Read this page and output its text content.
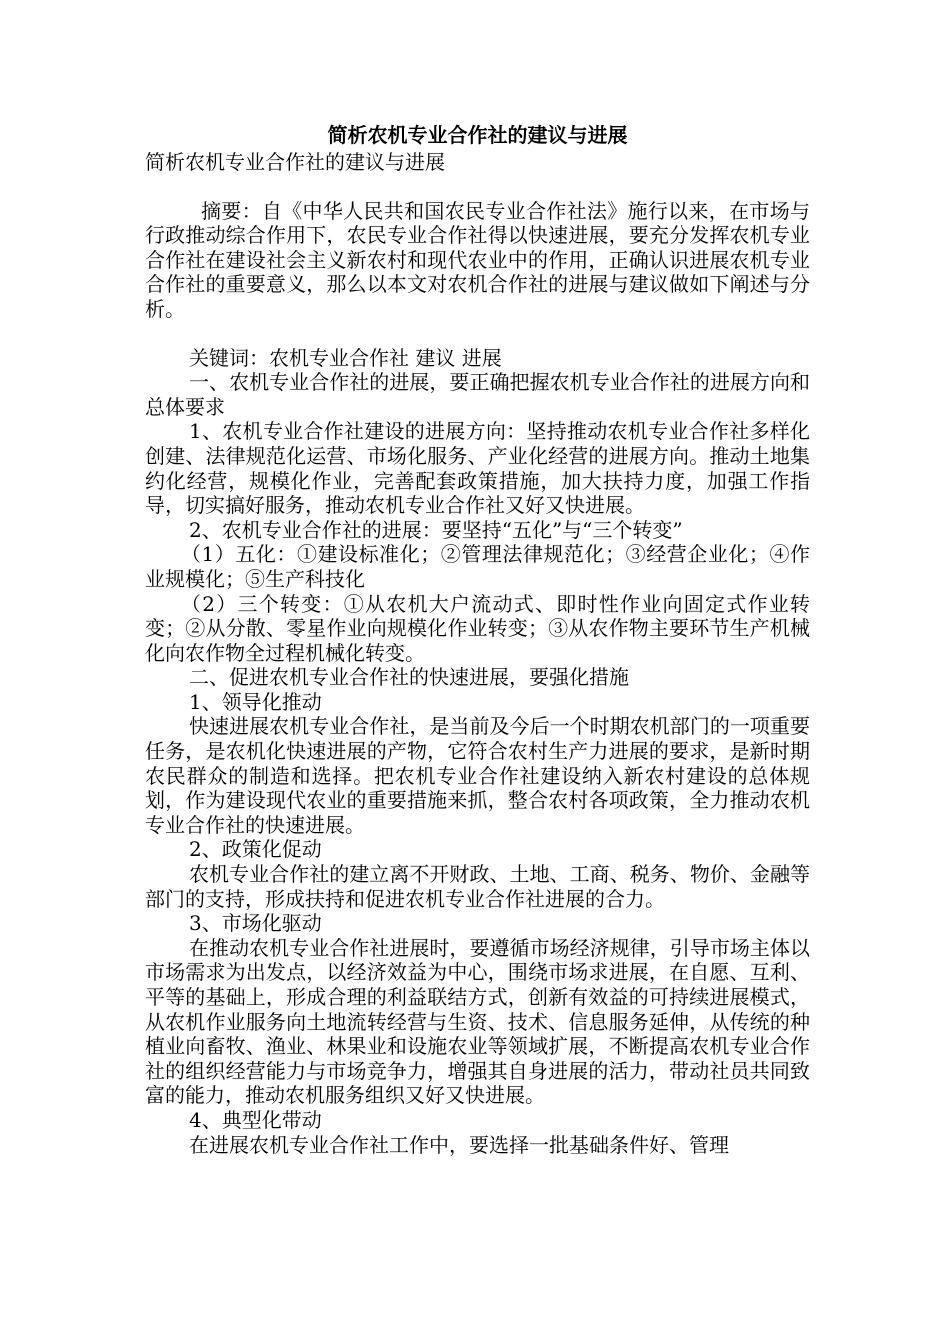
简析农机专业合作社的建议与进展
简析农机专业合作社的建议与进展
摘要：自《中华人民共和国农民专业合作社法》施行以来，在市场与行政推动综合作用下，农民专业合作社得以快速进展，要充分发挥农机专业合作社在建设社会主义新农村和现代农业中的作用，正确认识进展农机专业合作社的重要意义，那么以本文对农机合作社的进展与建议做如下阐述与分析。
关键词：农机专业合作社 建议 进展
一、农机专业合作社的进展，要正确把握农机专业合作社的进展方向和总体要求
1、农机专业合作社建设的进展方向：坚持推动农机专业合作社多样化创建、法律规范化运营、市场化服务、产业化经营的进展方向。推动土地集约化经营，规模化作业，完善配套政策措施，加大扶持力度，加强工作指导，切实搞好服务，推动农机专业合作社又好又快进展。
2、农机专业合作社的进展：要坚持“五化”与“三个转变”
（1）五化：①建设标准化；②管理法律规范化；③经营企业化；④作业规模化；⑤生产科技化
（2）三个转变：①从农机大户流动式、即时性作业向固定式作业转变；②从分散、零星作业向规模化作业转变；③从农作物主要环节生产机械化向农作物全过程机械化转变。
二、促进农机专业合作社的快速进展，要强化措施
1、领导化推动
快速进展农机专业合作社，是当前及今后一个时期农机部门的一项重要任务，是农机化快速进展的产物，它符合农村生产力进展的要求，是新时期农民群众的制造和选择。把农机专业合作社建设纳入新农村建设的总体规划，作为建设现代农业的重要措施来抓，整合农村各项政策，全力推动农机专业合作社的快速进展。
2、政策化促动
农机专业合作社的建立离不开财政、土地、工商、税务、物价、金融等部门的支持，形成扶持和促进农机专业合作社进展的合力。
3、市场化驱动
在推动农机专业合作社进展时，要遵循市场经济规律，引导市场主体以市场需求为出发点，以经济效益为中心，围绕市场求进展，在自愿、互利、平等的基础上，形成合理的利益联结方式，创新有效益的可持续进展模式，从农机作业服务向土地流转经营与生资、技术、信息服务延伸，从传统的种植业向畜牧、渔业、林果业和设施农业等领域扩展，不断提高农机专业合作社的组织经营能力与市场竞争力，增强其自身进展的活力，带动社员共同致富的能力，推动农机服务组织又好又快进展。
4、典型化带动
在进展农机专业合作社工作中，要选择一批基础条件好、管理
